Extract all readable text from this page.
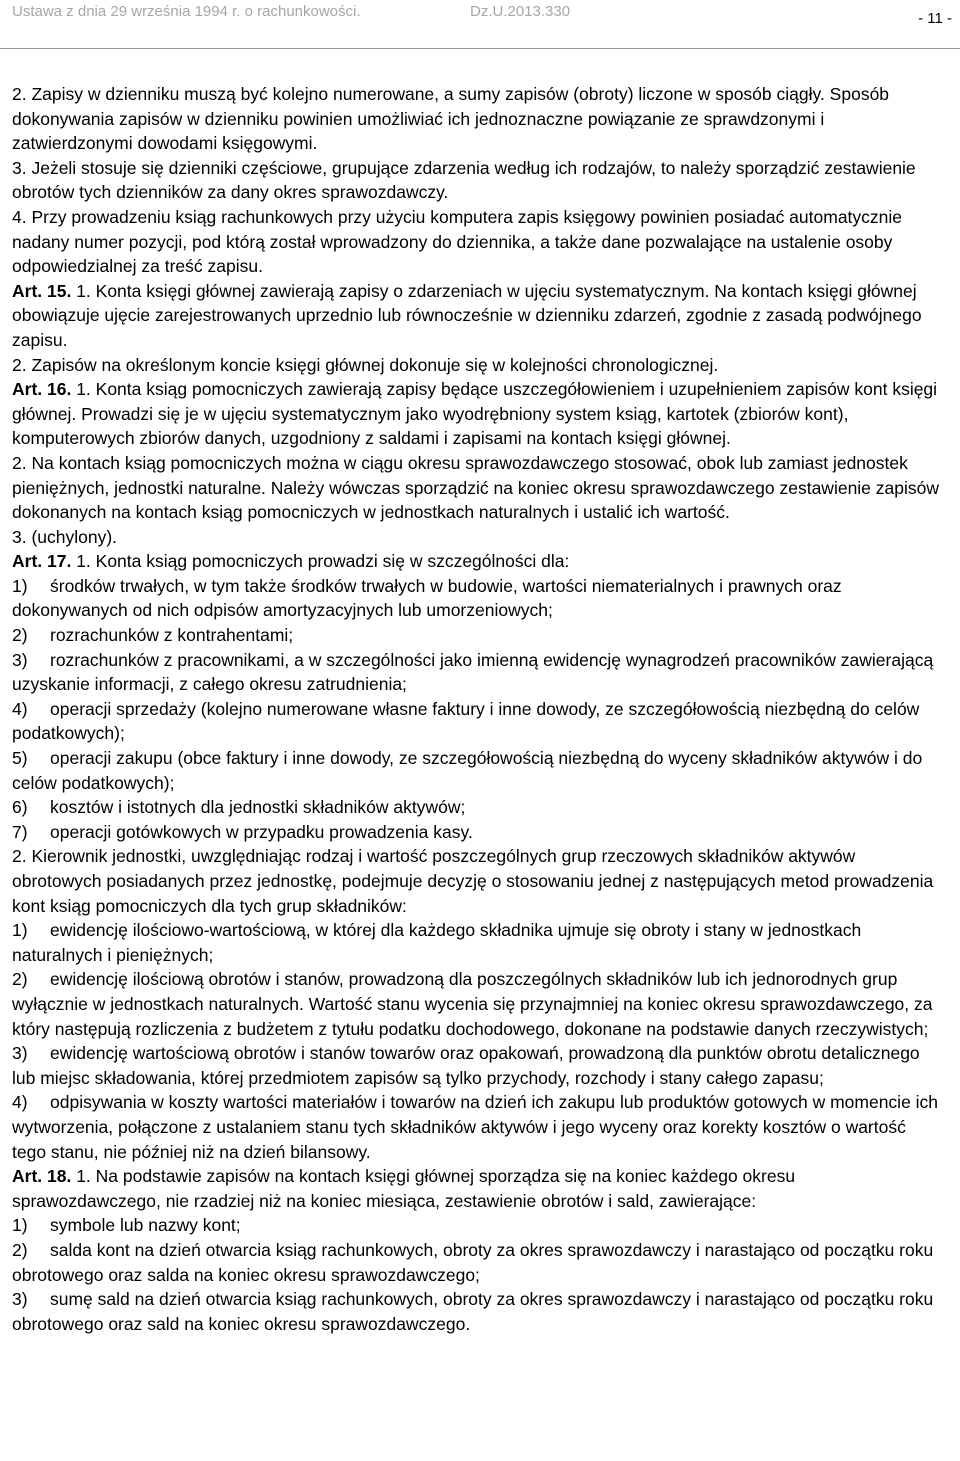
Ustawa z dnia 29 września 1994 r. o rachunkowości.	Dz.U.2013.330	- 11 -

2. Zapisy w dzienniku muszą być kolejno numerowane, a sumy zapisów (obroty) liczone w sposób ciągły. Sposób dokonywania zapisów w dzienniku powinien umożliwiać ich jednoznaczne powiązanie ze sprawdzonymi i zatwierdzonymi dowodami księgowymi.

3. Jeżeli stosuje się dzienniki częściowe, grupujące zdarzenia według ich rodzajów, to należy sporządzić zestawienie obrotów tych dzienników za dany okres sprawozdawczy.

4. Przy prowadzeniu ksiąg rachunkowych przy użyciu komputera zapis księgowy powinien posiadać automatycznie nadany numer pozycji, pod którą został wprowadzony do dziennika, a także dane pozwalające na ustalenie osoby odpowiedzialnej za treść zapisu.

Art. 15. 1. Konta księgi głównej zawierają zapisy o zdarzeniach w ujęciu systematycznym. Na kontach księgi głównej obowiązuje ujęcie zarejestrowanych uprzednio lub równocześnie w dzienniku zdarzeń, zgodnie z zasadą podwójnego zapisu.

2. Zapisów na określonym koncie księgi głównej dokonuje się w kolejności chronologicznej.

Art. 16. 1. Konta ksiąg pomocniczych zawierają zapisy będące uszczegółowieniem i uzupełnieniem zapisów kont księgi głównej. Prowadzi się je w ujęciu systematycznym jako wyodrębniony system ksiąg, kartotek (zbiorów kont), komputerowych zbiorów danych, uzgodniony z saldami i zapisami na kontach księgi głównej.

2. Na kontach ksiąg pomocniczych można w ciągu okresu sprawozdawczego stosować, obok lub zamiast jednostek pieniężnych, jednostki naturalne. Należy wówczas sporządzić na koniec okresu sprawozdawczego zestawienie zapisów dokonanych na kontach ksiąg pomocniczych w jednostkach naturalnych i ustalić ich wartość.

3. (uchylony).

Art. 17. 1. Konta ksiąg pomocniczych prowadzi się w szczególności dla:

1) środków trwałych, w tym także środków trwałych w budowie, wartości niematerialnych i prawnych oraz dokonywanych od nich odpisów amortyzacyjnych lub umorzeniowych;

2) rozrachunków z kontrahentami;

3) rozrachunków z pracownikami, a w szczególności jako imienną ewidencję wynagrodzeń pracowników zawierającą uzyskanie informacji, z całego okresu zatrudnienia;

4) operacji sprzedaży (kolejno numerowane własne faktury i inne dowody, ze szczegółowością niezbędną do celów podatkowych);

5) operacji zakupu (obce faktury i inne dowody, ze szczegółowością niezbędną do wyceny składników aktywów i do celów podatkowych);

6) kosztów i istotnych dla jednostki składników aktywów;

7) operacji gotówkowych w przypadku prowadzenia kasy.

2. Kierownik jednostki, uwzględniając rodzaj i wartość poszczególnych grup rzeczowych składników aktywów obrotowych posiadanych przez jednostkę, podejmuje decyzję o stosowaniu jednej z następujących metod prowadzenia kont ksiąg pomocniczych dla tych grup składników:

1) ewidencję ilościowo-wartościową, w której dla każdego składnika ujmuje się obroty i stany w jednostkach naturalnych i pieniężnych;

2) ewidencję ilościową obrotów i stanów, prowadzoną dla poszczególnych składników lub ich jednorodnych grup wyłącznie w jednostkach naturalnych. Wartość stanu wycenia się przynajmniej na koniec okresu sprawozdawczego, za który następują rozliczenia z budżetem z tytułu podatku dochodowego, dokonane na podstawie danych rzeczywistych;

3) ewidencję wartościową obrotów i stanów towarów oraz opakowań, prowadzoną dla punktów obrotu detalicznego lub miejsc składowania, której przedmiotem zapisów są tylko przychody, rozchody i stany całego zapasu;

4) odpisywania w koszty wartości materiałów i towarów na dzień ich zakupu lub produktów gotowych w momencie ich wytworzenia, połączone z ustalaniem stanu tych składników aktywów i jego wyceny oraz korekty kosztów o wartość tego stanu, nie później niż na dzień bilansowy.

Art. 18. 1. Na podstawie zapisów na kontach księgi głównej sporządza się na koniec każdego okresu sprawozdawczego, nie rzadziej niż na koniec miesiąca, zestawienie obrotów i sald, zawierające:

1) symbole lub nazwy kont;

2) salda kont na dzień otwarcia ksiąg rachunkowych, obroty za okres sprawozdawczy i narastająco od początku roku obrotowego oraz salda na koniec okresu sprawozdawczego;

3) sumę sald na dzień otwarcia ksiąg rachunkowych, obroty za okres sprawozdawczy i narastająco od początku roku obrotowego oraz sald na koniec okresu sprawozdawczego.
